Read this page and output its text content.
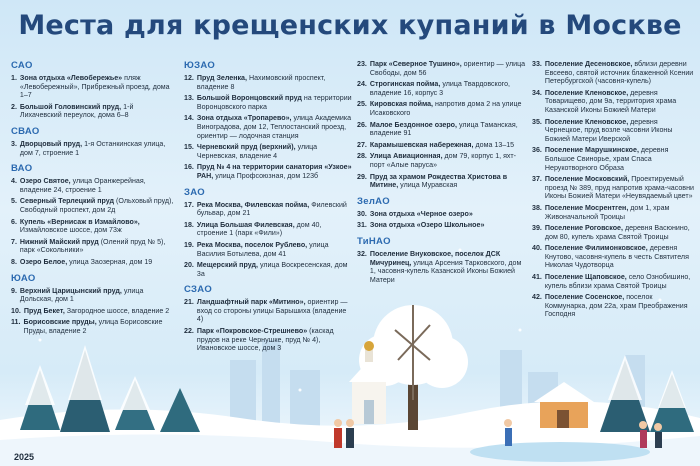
Места для крещенских купаний в Москве
САО
1. Зона отдыха «Левобережье» пляж «Левобережный», Прибрежный проезд, дома 1–7
2. Большой Головинский пруд, 1-й Лихачевский переулок, дома 6–8
СВАО
3. Дворцовый пруд, 1-я Останкинская улица, дом 7, строение 1
ВАО
4. Озеро Святое, улица Оранжерейная, владение 24, строение 1
5. Северный Терлецкий пруд (Ольховый пруд), Свободный проспект, дом 2д
6. Купель «Вернисаж в Измайлово», Измайловское шоссе, дом 73ж
7. Нижний Майский пруд (Олений пруд № 5), парк «Сокольники»
8. Озеро Белое, улица Заозерная, дом 19
ЮАО
9. Верхний Царицынский пруд, улица Дольская, дом 1
10. Пруд Бекет, Загородное шоссе, владение 2
11. Борисовские пруды, улица Борисовские Пруды, владение 2
ЮЗАО
12. Пруд Зеленка, Нахимовский проспект, владение 8
13. Большой Воронцовский пруд на территории Воронцовского парка
14. Зона отдыха «Тропарево», улица Академика Виноградова, дом 12, Теплостанский проезд, ориентир — лодочная станция
15. Черневский пруд (верхний), улица Черневская, владение 4
16. Пруд № 4 на территории санатория «Узкое» РАН, улица Профсоюзная, дом 123б
ЗАО
17. Река Москва, Филевская пойма, Филевский бульвар, дом 21
18. Улица Большая Филевская, дом 40, строение 1 (парк «Фили»)
19. Река Москва, поселок Рублево, улица Василия Ботылева, дом 41
20. Мещерский пруд, улица Воскресенская, дом 3а
СЗАО
21. Ландшафтный парк «Митино», ориентир — вход со стороны улицы Барышиха (владение 4)
22. Парк «Покровское-Стрешнево» (каскад прудов на реке Чернушке, пруд № 4), Ивановское шоссе, дом 3
23. Парк «Северное Тушино», ориентир — улица Свободы, дом 56
24. Строгинская пойма, улица Твардовского, владение 16, корпус 3
25. Кировская пойма, напротив дома 2 на улице Исаковского
26. Малое Бездонное озеро, улица Таманская, владение 91
27. Карамышевская набережная, дома 13–15
28. Улица Авиационная, дом 79, корпус 1, яхт-порт «Алые паруса»
29. Пруд за храмом Рождества Христова в Митине, улица Муравская
ЗелАО
30. Зона отдыха «Черное озеро»
31. Зона отдыха «Озеро Школьное»
ТиНАО
32. Поселение Внуковское, поселок ДСК Мичуринец, улица Арсения Тарковского, дом 1, часовня-купель Казанской Иконы Божией Матери
33. Поселение Десеновское, вблизи деревни Евсеево, святой источник блаженной Ксении Петербургской (часовня-купель)
34. Поселение Кленовское, деревня Товарищево, дом 9а, территория храма Казанской Иконы Божией Матери
35. Поселение Кленовское, деревня Чернецкое, пруд возле часовни Иконы Божией Матери Иверской
36. Поселение Марушкинское, деревня Большое Свинорье, храм Спаса Нерукотворного Образа
37. Поселение Московский, Проектируемый проезд № 389, пруд напротив храма-часовни Иконы Божией Матери «Неувядаемый цвет»
38. Поселение Мосрентген, дом 1, храм Живоначальной Троицы
39. Поселение Роговское, деревня Васюнино, дом 80, купель храма Святой Троицы
40. Поселение Филимонковское, деревня Кнутово, часовня-купель в честь Святителя Николая Чудотворца
41. Поселение Щаповское, село Ознобишино, купель вблизи храма Святой Троицы
42. Поселение Сосенское, поселок Коммунарка, дом 22а, храм Преображения Господня
2025
